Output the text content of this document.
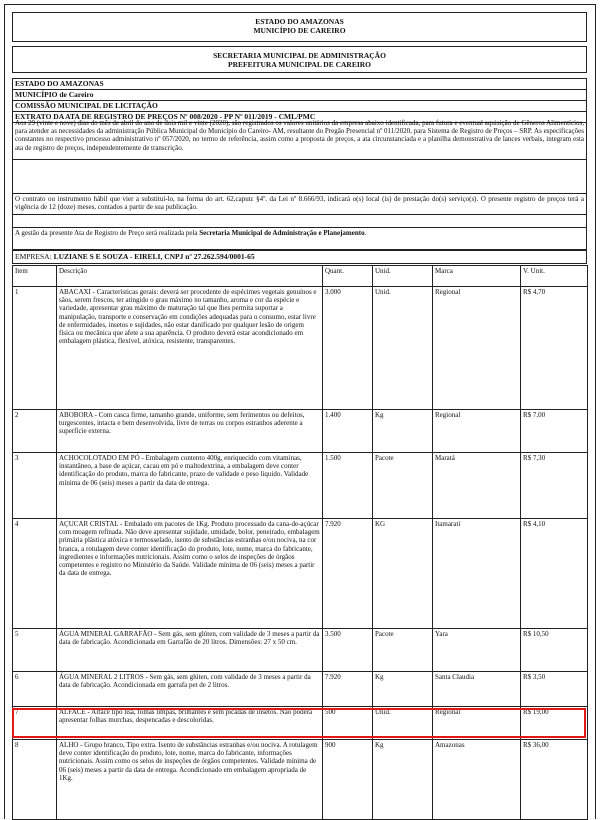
ESTADO DO AMAZONAS
MUNICÍPIO DE CAREIRO
SECRETARIA MUNICIPAL DE ADMINISTRAÇÃO
PREFEITURA MUNICIPAL DE CAREIRO
ESTADO DO AMAZONAS
MUNICÍPIO de Careiro
COMISSÃO MUNICIPAL DE LICITAÇÃO
EXTRATO DA ATA DE REGISTRO DE PREÇOS Nº 008/2020 - PP Nº 011/2019 - CML/PMC
Aos 29 (vinte e nove) dias do mês de abril do ano de dois mil e vinte (2020), são registrados os valores unitários da empresa abaixo identificada, para futura e eventual aquisição de Gêneros Alimentícios, para atender as necessidades da administração Pública Municipal do Município do Careiro- AM, resultante do Pregão Presencial nº 011/2020, para Sistema de Registro de Preços – SRP. As especificações constantes no respectivo processo administrativo nº 057/2020, no termo de referência, assim como a proposta de preços, a ata circunstanciada e a planilha demonstrativa de lances verbais, integram esta ata de registro de preços, independentemente de transcrição.
O contrato ou instrumento hábil que vier a substituí-lo, na forma do art. 62,caputε §4º. da Lei nº 8.666/93, indicará o(s) local (is) de prestação do(s) serviço(s). O presente registro de preços terá a vigência de 12 (doze) meses, contados a partir de sua publicação.
A gestão da presente Ata de Registro de Preço será realizada pela Secretaria Municipal de Administração e Planejamento.
EMPRESA: LUZIANE S E SOUZA - EIRELI, CNPJ nº 27.262.594/0001-65
Item	Descrição	Quant.	Unid.	Marca	V. Unit.
1	ABACAXI - Características gerais: deverá ser procedente de espécimes vegetais genuínos e sãos, serem frescos, ter atingido o grau máximo no tamanho, aroma e cor da espécie e variedade, apresentar grau máximo de maturação tal que lhes permita suportar a manipulação, transporte e conservação em condições adequadas para o consumo, estar livre de enfermidades, insetos e sujidades, não estar danificado por qualquer lesão de origem física ou mecânica que afete a sua aparência. O produto deverá estar acondicionado em embalagem plástica, flexível, atóxica, resistente, transparentes.	3.000	Unid.	Regional	R$ 4,70
2	ABOBORA - Com casca firme, tamanho grande, uniforme, sem ferimentos ou defeitos, turgescentes, intacta e bem desenvolvida, livre de terras ou corpos estranhos aderente a superfície externa.	1.400	Kg	Regional	R$ 7,00
3	ACHOCOLOTADO EM PÓ - Embalagem contento 400g, enriquecido com vitaminas, instantâneo, a base de açúcar, cacau em pó e maltodextrina, a embalagem deve conter identificação do produto, marca do fabricante, prazo de validade e peso liquido. Validade mínima de 06 (seis) meses a partir da data de entrega.	1.500	Pacote	Maratá	R$ 7,30
4	AÇUCAR CRISTAL - Embalado em pacotes de 1Kg. Produto processado da cana-de-açúcar com moagem refinada. Não deve apresentar sujidade, umidade, bolor, peneirado, embalagem primária plástica atóxica e termosselado, isento de substâncias estranhas e/ou nociva, na cor branca, a rotulagem deve conter identificação do produto, lote, nome, marca do fabricante, ingredientes e informações nutricionais. Assim como o selos de inspeções de órgãos competentes e registro no Ministério da Saúde. Validade mínima de 06 (seis) meses a partir da data de entrega.	7.920	KG	Itamarati	R$ 4,10
5	ÁGUA MINERAL GARRAFÃO - Sem gás, sem glúten, com validade de 3 meses a partir da data de fabricação. Acondicionada em Garrafão de 20 litros. Dimensões: 27 x 50 cm.	3.500	Pacote	Yara	R$ 10,50
6	ÁGUA MINERAL 2 LITROS - Sem gás, sem glúten, com validade de 3 meses a partir da data de fabricação. Acondicionada em garrafa pet de 2 litros.	7.920	Kg	Santa Claudia	R$ 3,50
7	ALFACE - Alface tipo lisa, folhas limpas, brilhantes e sem picadas de insetos. Não poderá apresentar folhas murchas, despencadas e descoloridas.	500	Unid.	Regional	R$ 19,00
8	ALHO - Grupo branco, Tipo extra. Isento de substâncias estranhas e/ou nociva. A rotulagem deve conter identificação do produto, lote, nome, marca do fabricante, informações nutricionais. Assim como os selos de inspeções de órgãos competentes. Validade mínima de 06 (seis) meses a partir da data de entrega. Acondicionado em embalagem apropriada de 1Kg.	900	Kg	Amazonas	R$ 36,00
